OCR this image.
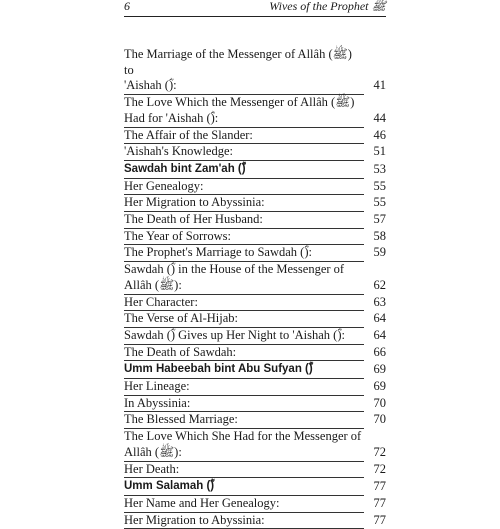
6	Wives of the Prophet ﷺ
The Marriage of the Messenger of Allâh (ﷺ) to
'Aishah (ؓ):	41
The Love Which the Messenger of Allâh (ﷺ)
Had for 'Aishah (ؓ):	44
The Affair of the Slander:	46
'Aishah's Knowledge:	51
Sawdah bint Zam'ah (ؓ)	53
Her Genealogy:	55
Her Migration to Abyssinia:	55
The Death of Her Husband:	57
The Year of Sorrows:	58
The Prophet's Marriage to Sawdah (ؓ):	59
Sawdah (ؓ) in the House of the Messenger of
Allâh (ﷺ):	62
Her Character:	63
The Verse of Al-Hijab:	64
Sawdah (ؓ) Gives up Her Night to 'Aishah (ؓ): 64
The Death of Sawdah:	66
Umm Habeebah bint Abu Sufyan (ؓ)	69
Her Lineage:	69
In Abyssinia:	70
The Blessed Marriage:	70
The Love Which She Had for the Messenger of
Allâh (ﷺ):	72
Her Death:	72
Umm Salamah (ؓ)	77
Her Name and Her Genealogy:	77
Her Migration to Abyssinia:	77
